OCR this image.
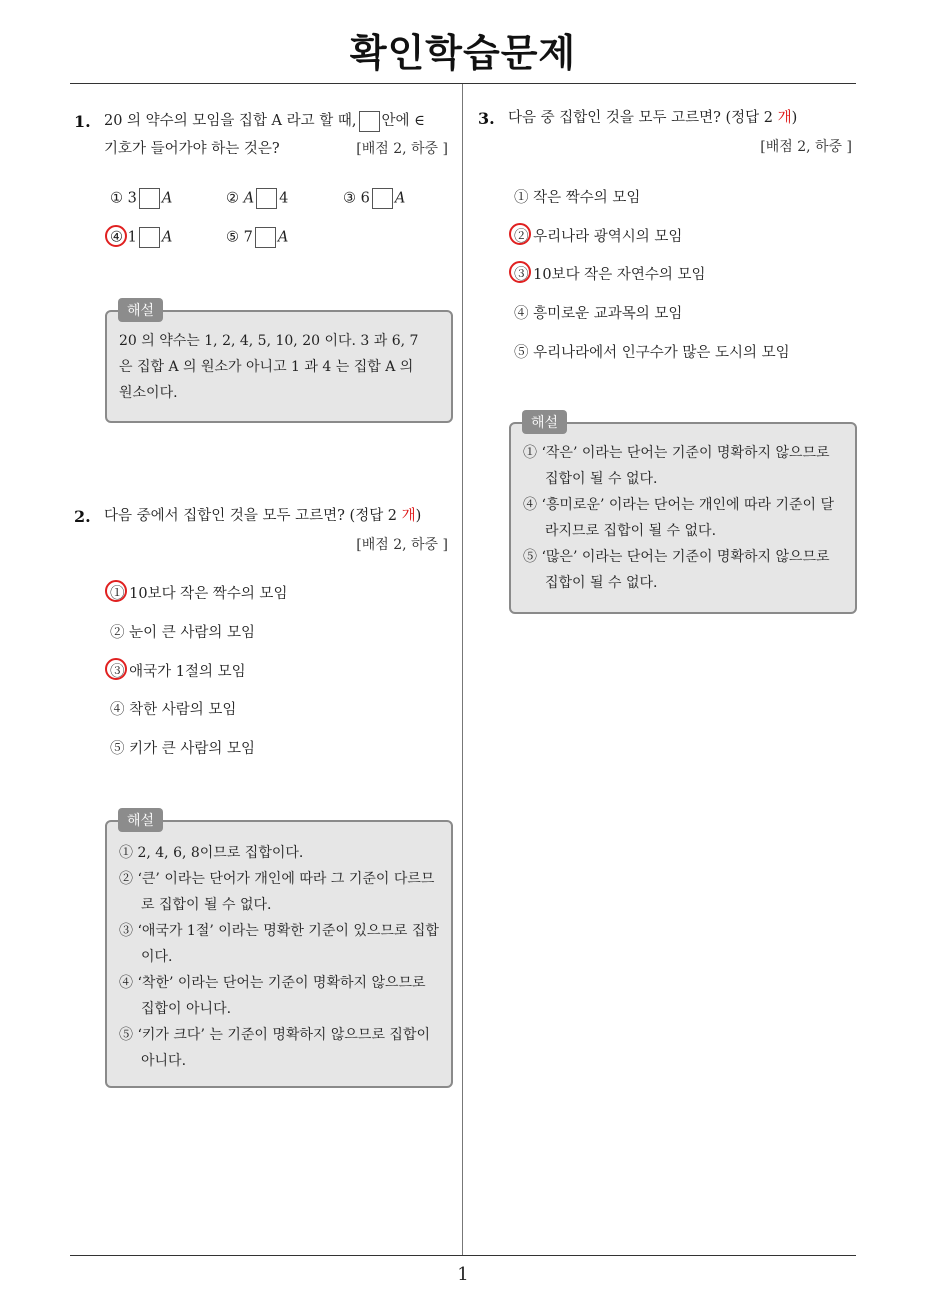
확인학습문제
1. 20 의 약수의 모임을 집합 A 라고 할 때, 안에 ∈
기호가 들어가야 하는 것은?	[배점 2, 하중 ]
① 3 A	② A 4	③ 6 A
④ 1 A	⑤ 7 A
20 의 약수는 1, 2, 4, 5, 10, 20 이다. 3 과 6, 7
은 집합 A 의 원소가 아니고 1 과 4 는 집합 A 의
원소이다.
해설
2. 다음 중에서 집합인 것을 모두 고르면? (정답 2 개)
[배점 2, 하중 ]
① 10보다 작은 짝수의 모임
② 눈이 큰 사람의 모임
③ 애국가 1절의 모임
④ 착한 사람의 모임
⑤ 키가 큰 사람의 모임
① 2, 4, 6, 8이므로 집합이다.
② ‘큰’ 이라는 단어가 개인에 따라 그 기준이 다르므로 집합이 될 수 없다.
③ ‘애국가 1절’ 이라는 명확한 기준이 있으므로 집합이다.
④ ‘착한’ 이라는 단어는 기준이 명확하지 않으므로 집합이 아니다.
⑤ ‘키가 크다’ 는 기준이 명확하지 않으므로 집합이 아니다.
해설
3. 다음 중 집합인 것을 모두 고르면? (정답 2 개)
[배점 2, 하중 ]
① 작은 짝수의 모임
② 우리나라 광역시의 모임
③ 10보다 작은 자연수의 모임
④ 흥미로운 교과목의 모임
⑤ 우리나라에서 인구수가 많은 도시의 모임
① ‘작은’ 이라는 단어는 기준이 명확하지 않으므로 집합이 될 수 없다.
④ ‘흥미로운’ 이라는 단어는 개인에 따라 기준이 달라지므로 집합이 될 수 없다.
⑤ ‘많은’ 이라는 단어는 기준이 명확하지 않으므로 집합이 될 수 없다.
해설
1
